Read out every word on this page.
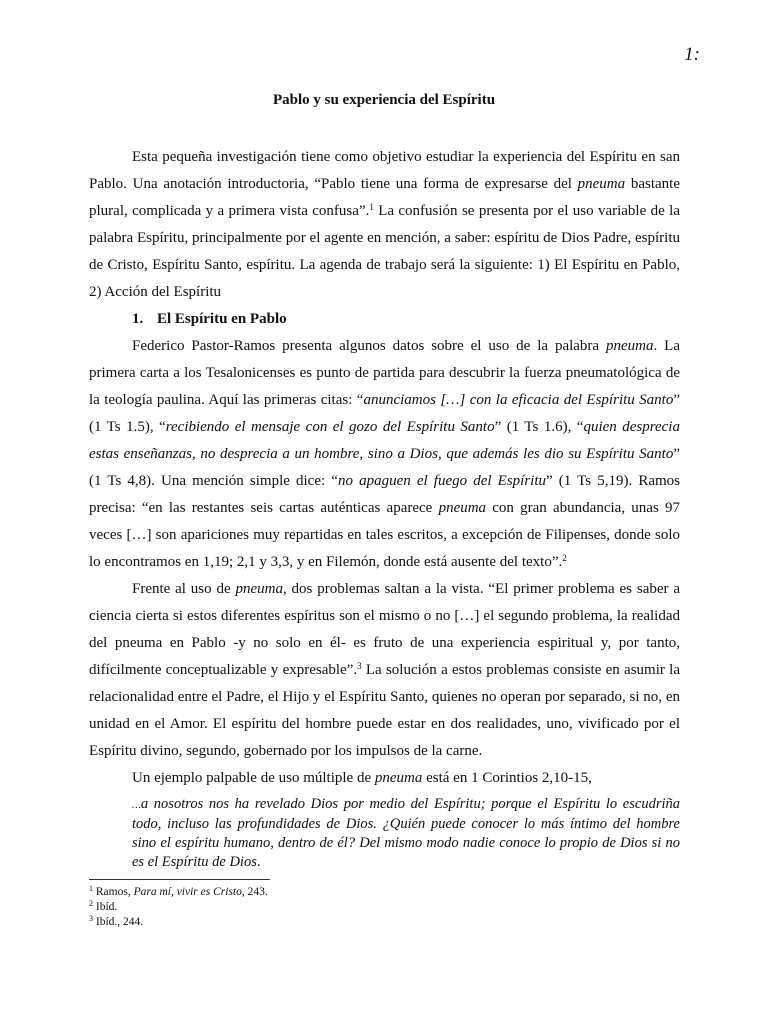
1:
Pablo y su experiencia del Espíritu

Esta pequeña investigación tiene como objetivo estudiar la experiencia del Espíritu en san Pablo. Una anotación introductoria, “Pablo tiene una forma de expresarse del pneuma bastante plural, complicada y a primera vista confusa”.$^1$ La confusión se presenta por el uso variable de la palabra Espíritu, principalmente por el agente en mención, a saber: espíritu de Dios Padre, espíritu de Cristo, Espíritu Santo, espíritu. La agenda de trabajo será la siguiente: 1) El Espíritu en Pablo, 2) Acción del Espíritu

1. El Espíritu en Pablo

Federico Pastor-Ramos presenta algunos datos sobre el uso de la palabra pneuma. La primera carta a los Tesalonicenses es punto de partida para descubrir la fuerza pneumatológica de la teología paulina. Aquí las primeras citas: “anunciamos […] con la eficacia del Espíritu Santo” (1 Ts 1.5), “recibiendo el mensaje con el gozo del Espíritu Santo” (1 Ts 1.6), “quien desprecia estas enseñanzas, no desprecia a un hombre, sino a Dios, que además les dio su Espíritu Santo” (1 Ts 4,8). Una mención simple dice: “no apaguen el fuego del Espíritu” (1 Ts 5,19). Ramos precisa: “en las restantes seis cartas auténticas aparece pneuma con gran abundancia, unas 97 veces […] son apariciones muy repartidas en tales escritos, a excepción de Filipenses, donde solo lo encontramos en 1,19; 2,1 y 3,3, y en Filemón, donde está ausente del texto”.$^2$

Frente al uso de pneuma, dos problemas saltan a la vista. “El primer problema es saber a ciencia cierta si estos diferentes espíritus son el mismo o no […] el segundo problema, la realidad del pneuma en Pablo -y no solo en él- es fruto de una experiencia espiritual y, por tanto, difícilmente conceptualizable y expresable”.$^3$ La solución a estos problemas consiste en asumir la relacionalidad entre el Padre, el Hijo y el Espíritu Santo, quienes no operan por separado, si no, en unidad en el Amor. El espíritu del hombre puede estar en dos realidades, uno, vivificado por el Espíritu divino, segundo, gobernado por los impulsos de la carne.

Un ejemplo palpable de uso múltiple de pneuma está en 1 Corintios 2,10-15,

…a nosotros nos ha revelado Dios por medio del Espíritu; porque el Espíritu lo escudriña todo, incluso las profundidades de Dios. ¿Quién puede conocer lo más íntimo del hombre sino el espíritu humano, dentro de él? Del mismo modo nadie conoce lo propio de Dios si no es el Espíritu de Dios.
$^1$ Ramos, Para mí, vivir es Cristo, 243.
$^2$ Ibíd.
$^3$ Ibíd., 244.
